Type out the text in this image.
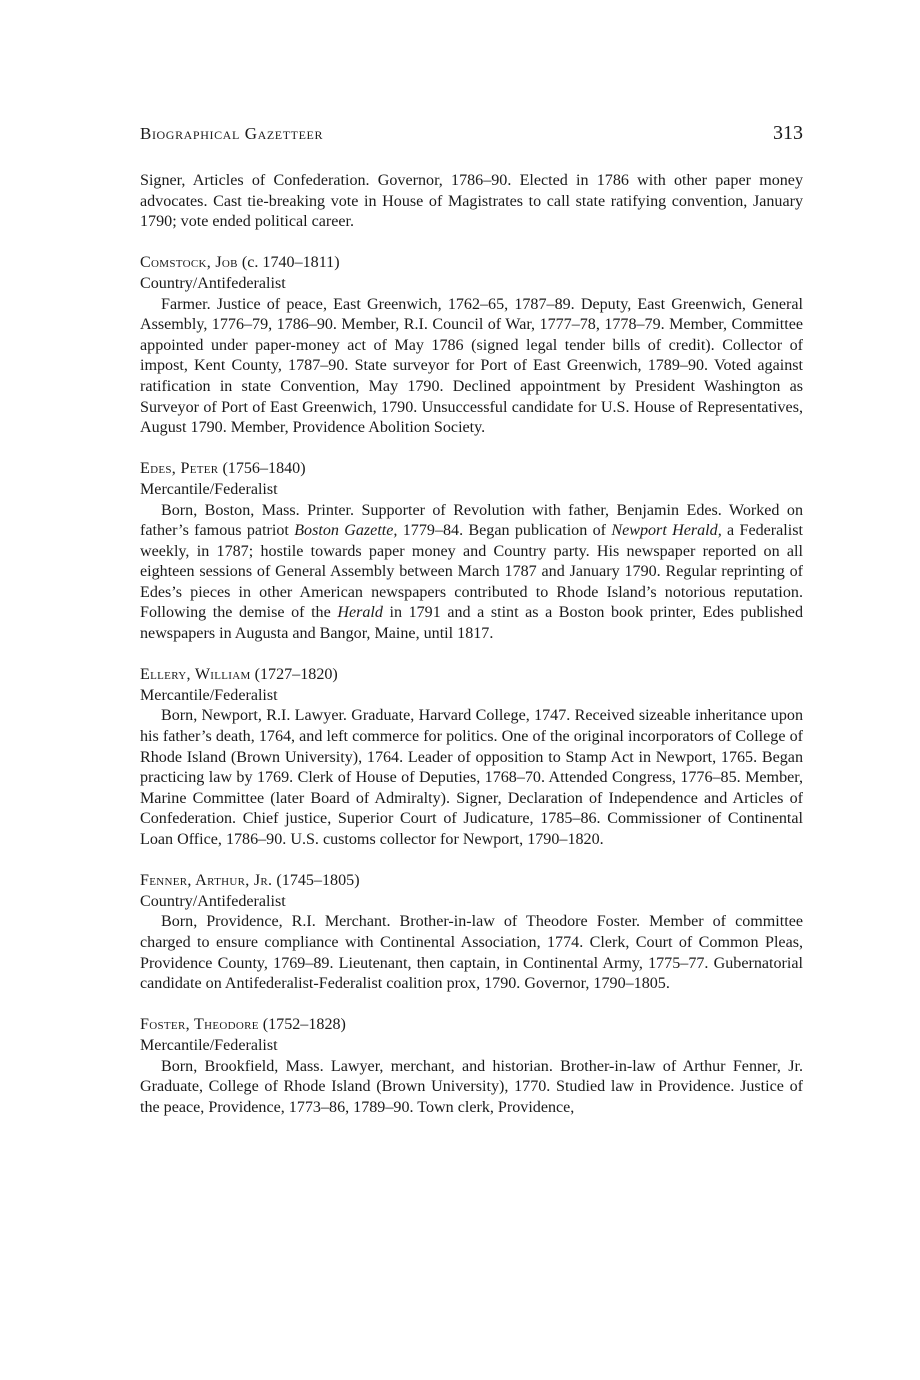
Biographical Gazetteer	313

Signer, Articles of Confederation. Governor, 1786–90. Elected in 1786 with other paper money advocates. Cast tie-breaking vote in House of Magistrates to call state ratifying convention, January 1790; vote ended political career.

Comstock, Job (c. 1740–1811)

Country/Antifederalist

Farmer. Justice of peace, East Greenwich, 1762–65, 1787–89. Deputy, East Greenwich, General Assembly, 1776–79, 1786–90. Member, R.I. Council of War, 1777–78, 1778–79. Member, Committee appointed under paper-money act of May 1786 (signed legal tender bills of credit). Collector of impost, Kent County, 1787–90. State surveyor for Port of East Greenwich, 1789–90. Voted against ratification in state Convention, May 1790. Declined appointment by President Washington as Surveyor of Port of East Greenwich, 1790. Unsuccessful candidate for U.S. House of Representatives, August 1790. Member, Providence Abolition Society.

Edes, Peter (1756–1840)

Mercantile/Federalist

Born, Boston, Mass. Printer. Supporter of Revolution with father, Benjamin Edes. Worked on father’s famous patriot Boston Gazette, 1779–84. Began publication of Newport Herald, a Federalist weekly, in 1787; hostile towards paper money and Country party. His newspaper reported on all eighteen sessions of General Assembly between March 1787 and January 1790. Regular reprinting of Edes’s pieces in other American newspapers contributed to Rhode Island’s notorious reputation. Following the demise of the Herald in 1791 and a stint as a Boston book printer, Edes published newspapers in Augusta and Bangor, Maine, until 1817.

Ellery, William (1727–1820)

Mercantile/Federalist

Born, Newport, R.I. Lawyer. Graduate, Harvard College, 1747. Received sizeable inheritance upon his father’s death, 1764, and left commerce for politics. One of the original incorporators of College of Rhode Island (Brown University), 1764. Leader of opposition to Stamp Act in Newport, 1765. Began practicing law by 1769. Clerk of House of Deputies, 1768–70. Attended Congress, 1776–85. Member, Marine Committee (later Board of Admiralty). Signer, Declaration of Independence and Articles of Confederation. Chief justice, Superior Court of Judicature, 1785–86. Commissioner of Continental Loan Office, 1786–90. U.S. customs collector for Newport, 1790–1820.

Fenner, Arthur, Jr. (1745–1805)

Country/Antifederalist

Born, Providence, R.I. Merchant. Brother-in-law of Theodore Foster. Member of committee charged to ensure compliance with Continental Association, 1774. Clerk, Court of Common Pleas, Providence County, 1769–89. Lieutenant, then captain, in Continental Army, 1775–77. Gubernatorial candidate on Antifederalist-Federalist coalition prox, 1790. Governor, 1790–1805.

Foster, Theodore (1752–1828)

Mercantile/Federalist

Born, Brookfield, Mass. Lawyer, merchant, and historian. Brother-in-law of Arthur Fenner, Jr. Graduate, College of Rhode Island (Brown University), 1770. Studied law in Providence. Justice of the peace, Providence, 1773–86, 1789–90. Town clerk, Providence,
